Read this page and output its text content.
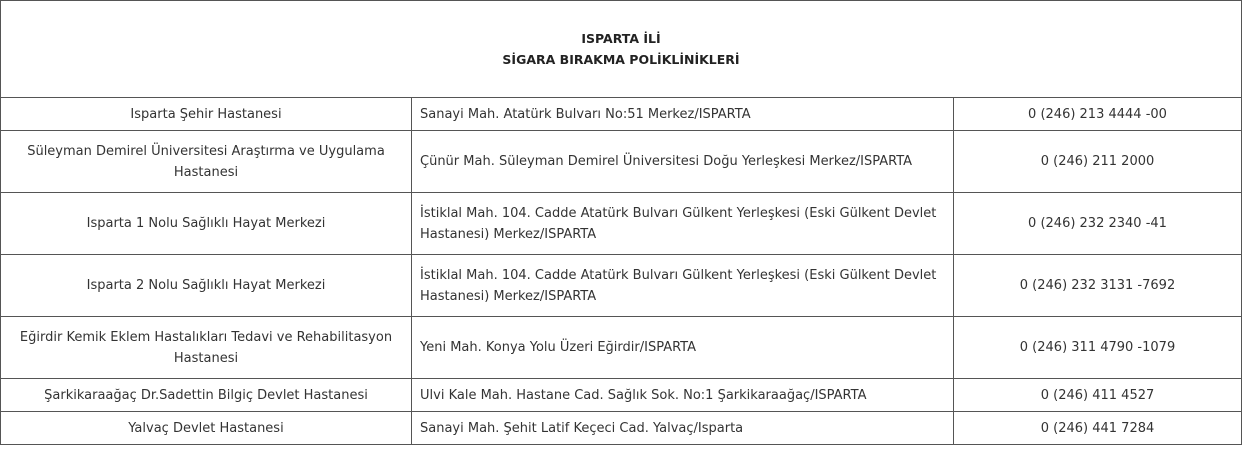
ISPARTA İLİ
SİGARA BIRAKMA POLİKLİNİKLERİ		

Isparta Şehir Hastanesi	Sanayi Mah. Atatürk Bulvarı No:51 Merkez/ISPARTA	0 (246) 213 4444 -00
Süleyman Demirel Üniversitesi Araştırma ve Uygulama Hastanesi	Çünür Mah. Süleyman Demirel Üniversitesi Doğu Yerleşkesi Merkez/ISPARTA	0 (246) 211 2000
Isparta 1 Nolu Sağlıklı Hayat Merkezi	İstiklal Mah. 104. Cadde Atatürk Bulvarı Gülkent Yerleşkesi (Eski Gülkent Devlet Hastanesi) Merkez/ISPARTA	0 (246) 232 2340 -41
Isparta 2 Nolu Sağlıklı Hayat Merkezi	İstiklal Mah. 104. Cadde Atatürk Bulvarı Gülkent Yerleşkesi (Eski Gülkent Devlet Hastanesi) Merkez/ISPARTA	0 (246) 232 3131 -7692
Eğirdir Kemik Eklem Hastalıkları Tedavi ve Rehabilitasyon Hastanesi	Yeni Mah. Konya Yolu Üzeri Eğirdir/ISPARTA	0 (246) 311 4790 -1079
Şarkikaraağaç Dr.Sadettin Bilgiç Devlet Hastanesi	Ulvi Kale Mah. Hastane Cad. Sağlık Sok. No:1 Şarkikaraağaç/ISPARTA	0 (246) 411 4527
Yalvaç Devlet Hastanesi	Sanayi Mah. Şehit Latif Keçeci Cad. Yalvaç/Isparta	0 (246) 441 7284
